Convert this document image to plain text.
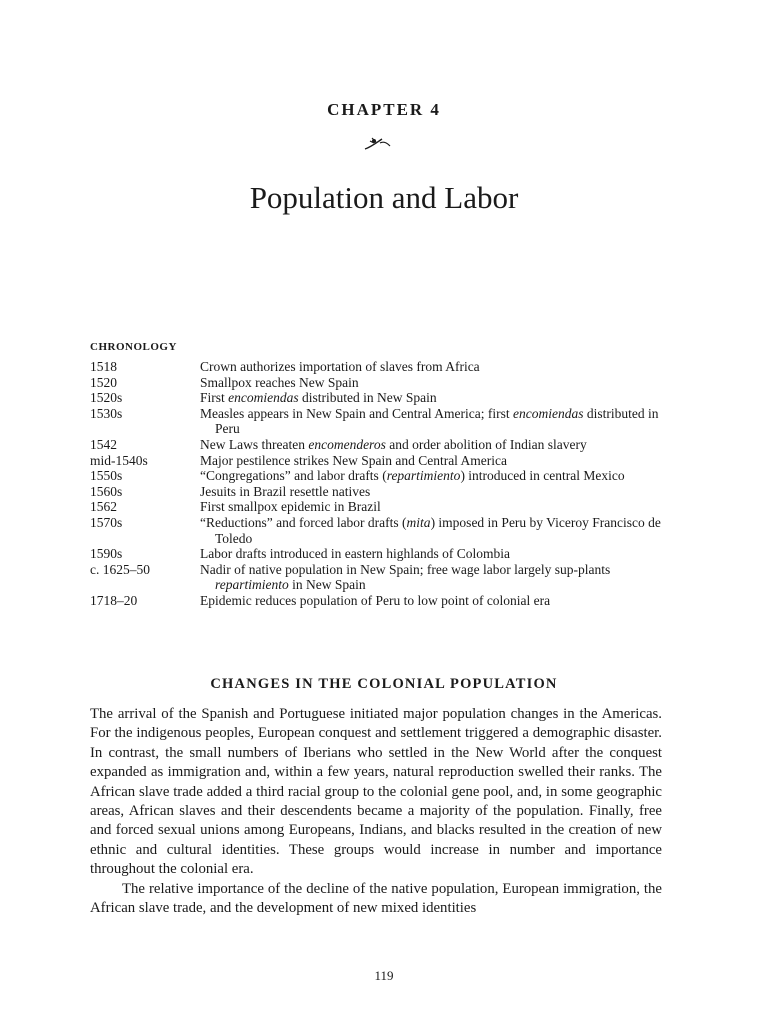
CHAPTER 4
Population and Labor
CHRONOLOGY
1518	Crown authorizes importation of slaves from Africa
1520	Smallpox reaches New Spain
1520s	First encomiendas distributed in New Spain
1530s	Measles appears in New Spain and Central America; first encomiendas distributed in Peru
1542	New Laws threaten encomenderos and order abolition of Indian slavery
mid-1540s	Major pestilence strikes New Spain and Central America
1550s	“Congregations” and labor drafts (repartimiento) introduced in central Mexico
1560s	Jesuits in Brazil resettle natives
1562	First smallpox epidemic in Brazil
1570s	“Reductions” and forced labor drafts (mita) imposed in Peru by Viceroy Francisco de Toledo
1590s	Labor drafts introduced in eastern highlands of Colombia
c. 1625–50	Nadir of native population in New Spain; free wage labor largely sup-plants repartimiento in New Spain
1718–20	Epidemic reduces population of Peru to low point of colonial era
CHANGES IN THE COLONIAL POPULATION

The arrival of the Spanish and Portuguese initiated major population changes in the Americas. For the indigenous peoples, European conquest and settlement triggered a demographic disaster. In contrast, the small numbers of Iberians who settled in the New World after the conquest expanded as immigration and, within a few years, natural reproduction swelled their ranks. The African slave trade added a third racial group to the colonial gene pool, and, in some geographic areas, African slaves and their descendents became a majority of the population. Finally, free and forced sexual unions among Europeans, Indians, and blacks resulted in the creation of new ethnic and cultural identities. These groups would increase in number and importance throughout the colonial era.

The relative importance of the decline of the native population, European immigration, the African slave trade, and the development of new mixed identities

119
